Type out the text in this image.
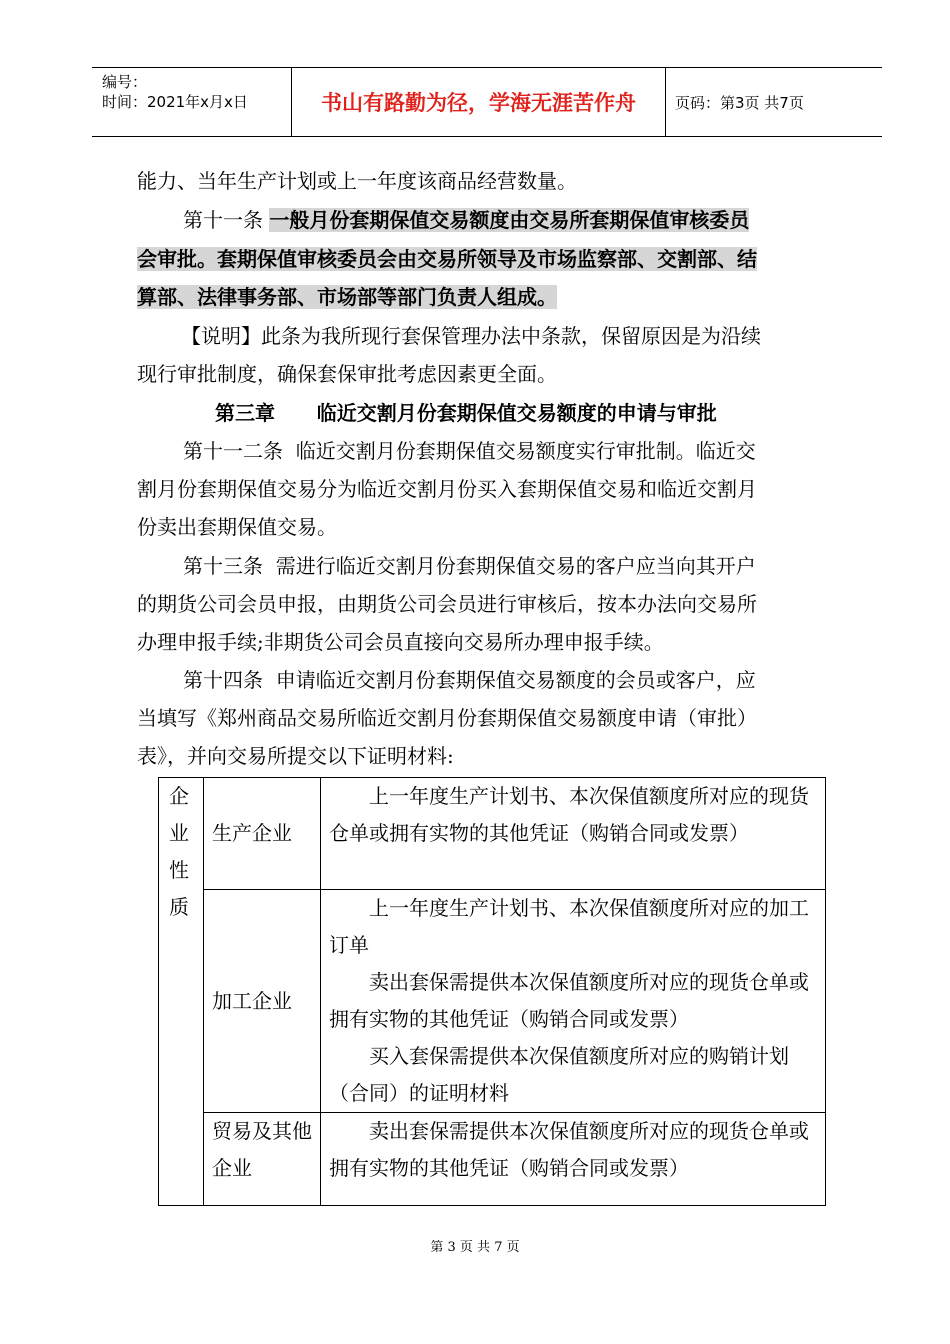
编号：
时间：2021年x月x日	书山有路勤为径，学海无涯苦作舟	页码：第3页 共7页
能力、当年生产计划或上一年度该商品经营数量。
第十一条 一般月份套期保值交易额度由交易所套期保值审核委员
会审批。套期保值审核委员会由交易所领导及市场监察部、交割部、结
算部、法律事务部、市场部等部门负责人组成。
【说明】此条为我所现行套保管理办法中条款，保留原因是为沿续
现行审批制度，确保套保审批考虑因素更全面。
第三章      临近交割月份套期保值交易额度的申请与审批
第十一二条  临近交割月份套期保值交易额度实行审批制。临近交
割月份套期保值交易分为临近交割月份买入套期保值交易和临近交割月
份卖出套期保值交易。
第十三条  需进行临近交割月份套期保值交易的客户应当向其开户
的期货公司会员申报，由期货公司会员进行审核后，按本办法向交易所
办理申报手续;非期货公司会员直接向交易所办理申报手续。
第十四条  申请临近交割月份套期保值交易额度的会员或客户，应
当填写《郑州商品交易所临近交割月份套期保值交易额度申请（审批）
表》，并向交易所提交以下证明材料:
企业性质	生产企业	上一年度生产计划书、本次保值额度所对应的现货仓单或拥有实物的其他凭证（购销合同或发票）

	加工企业	上一年度生产计划书、本次保值额度所对应的加工订单
卖出套保需提供本次保值额度所对应的现货仓单或拥有实物的其他凭证（购销合同或发票）
买入套保需提供本次保值额度所对应的购销计划（合同）的证明材料

	贸易及其他企业	卖出套保需提供本次保值额度所对应的现货仓单或拥有实物的其他凭证（购销合同或发票）
第 3 页 共 7 页
